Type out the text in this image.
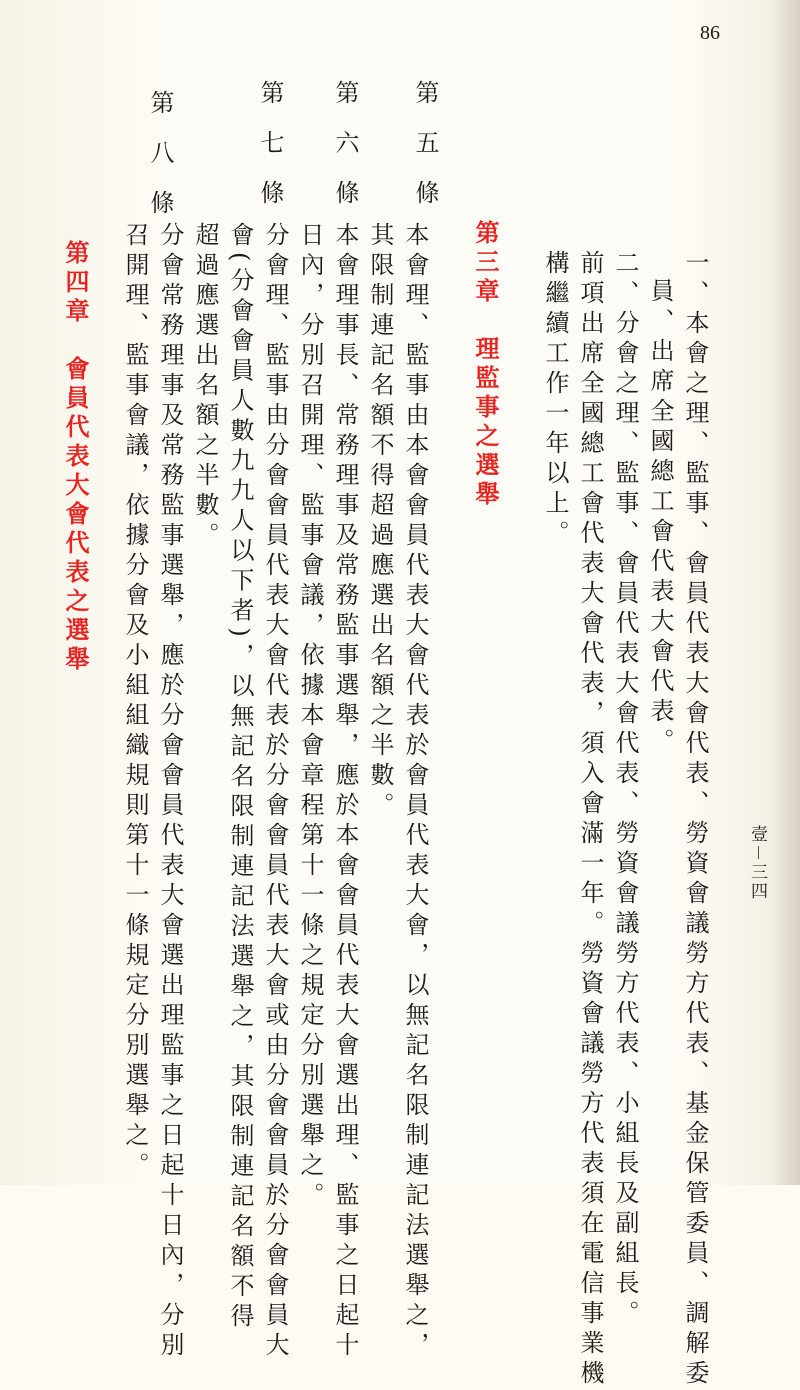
86
壹－三四
一、本會之理、監事、會員代表大會代表、勞資會議勞方代表、基金保管委員、調解委
員、出席全國總工會代表大會代表。
二、分會之理、監事、會員代表大會代表、勞資會議勞方代表、小組長及副組長。
前項出席全國總工會代表大會代表，須入會滿一年。勞資會議勞方代表須在電信事業機
構繼續工作一年以上。
第三章　理監事之選舉
第五條
第六條
第七條
第八條
本會理、監事由本會會員代表大會代表於會員代表大會，以無記名限制連記法選舉之，
其限制連記名額不得超過應選出名額之半數。
本會理事長、常務理事及常務監事選舉，應於本會會員代表大會選出理、監事之日起十
日內，分別召開理、監事會議，依據本會章程第十一條之規定分別選舉之。
分會理、監事由分會會員代表大會代表於分會會員代表大會或由分會會員於分會會員大
會(分會會員人數九九人以下者)，以無記名限制連記法選舉之，其限制連記名額不得
超過應選出名額之半數。
分會常務理事及常務監事選舉，應於分會會員代表大會選出理監事之日起十日內，分別
召開理、監事會議，依據分會及小組組織規則第十一條規定分別選舉之。
第四章　會員代表大會代表之選舉
